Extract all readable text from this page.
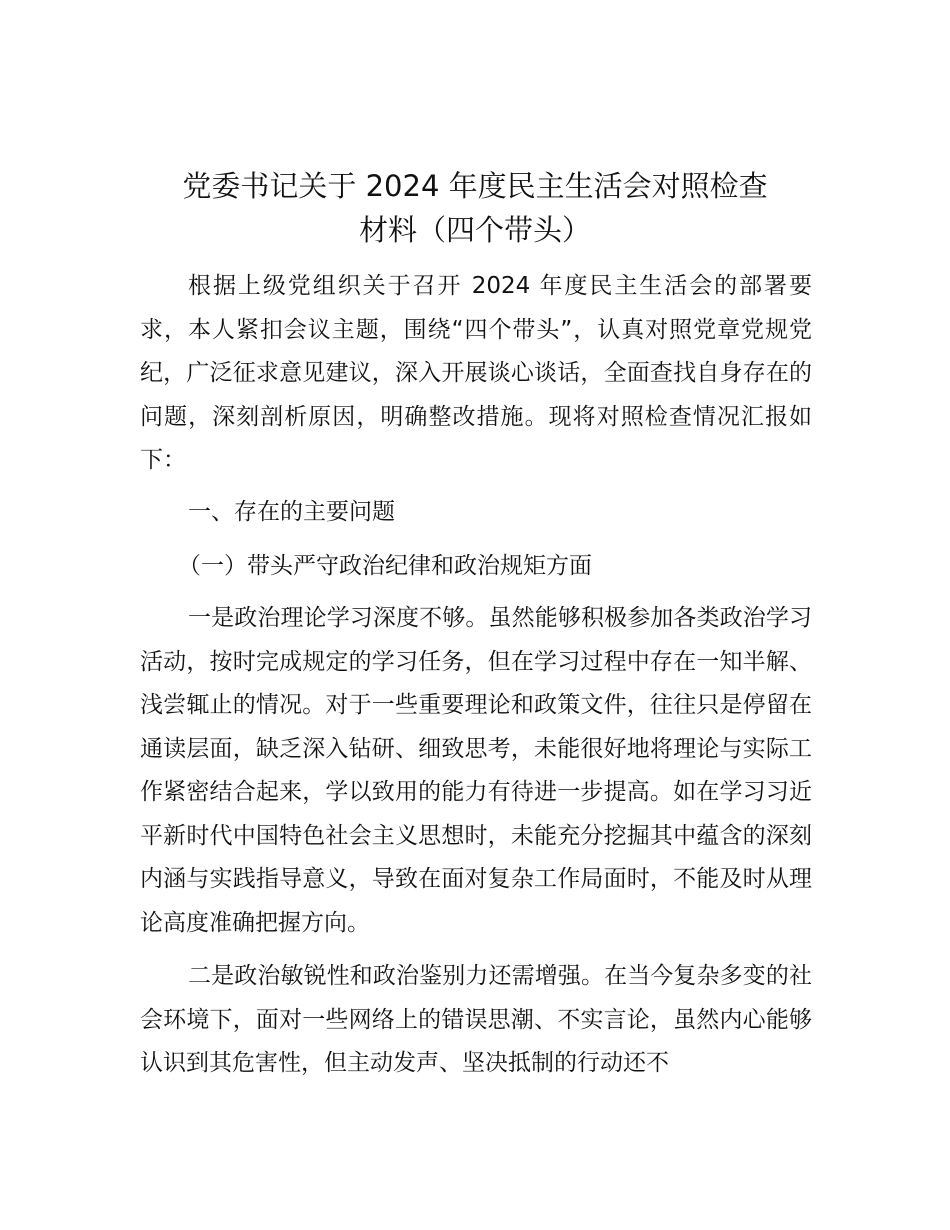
党委书记关于 2024 年度民主生活会对照检查
材料（四个带头）

根据上级党组织关于召开 2024 年度民主生活会的部署要求，本人紧扣会议主题，围绕“四个带头”，认真对照党章党规党纪，广泛征求意见建议，深入开展谈心谈话，全面查找自身存在的问题，深刻剖析原因，明确整改措施。现将对照检查情况汇报如下：

一、存在的主要问题

（一）带头严守政治纪律和政治规矩方面

一是政治理论学习深度不够。虽然能够积极参加各类政治学习活动，按时完成规定的学习任务，但在学习过程中存在一知半解、浅尝辄止的情况。对于一些重要理论和政策文件，往往只是停留在通读层面，缺乏深入钻研、细致思考，未能很好地将理论与实际工作紧密结合起来，学以致用的能力有待进一步提高。如在学习习近平新时代中国特色社会主义思想时，未能充分挖掘其中蕴含的深刻内涵与实践指导意义，导致在面对复杂工作局面时，不能及时从理论高度准确把握方向。

二是政治敏锐性和政治鉴别力还需增强。在当今复杂多变的社会环境下，面对一些网络上的错误思潮、不实言论，虽然内心能够认识到其危害性，但主动发声、坚决抵制的行动还不
